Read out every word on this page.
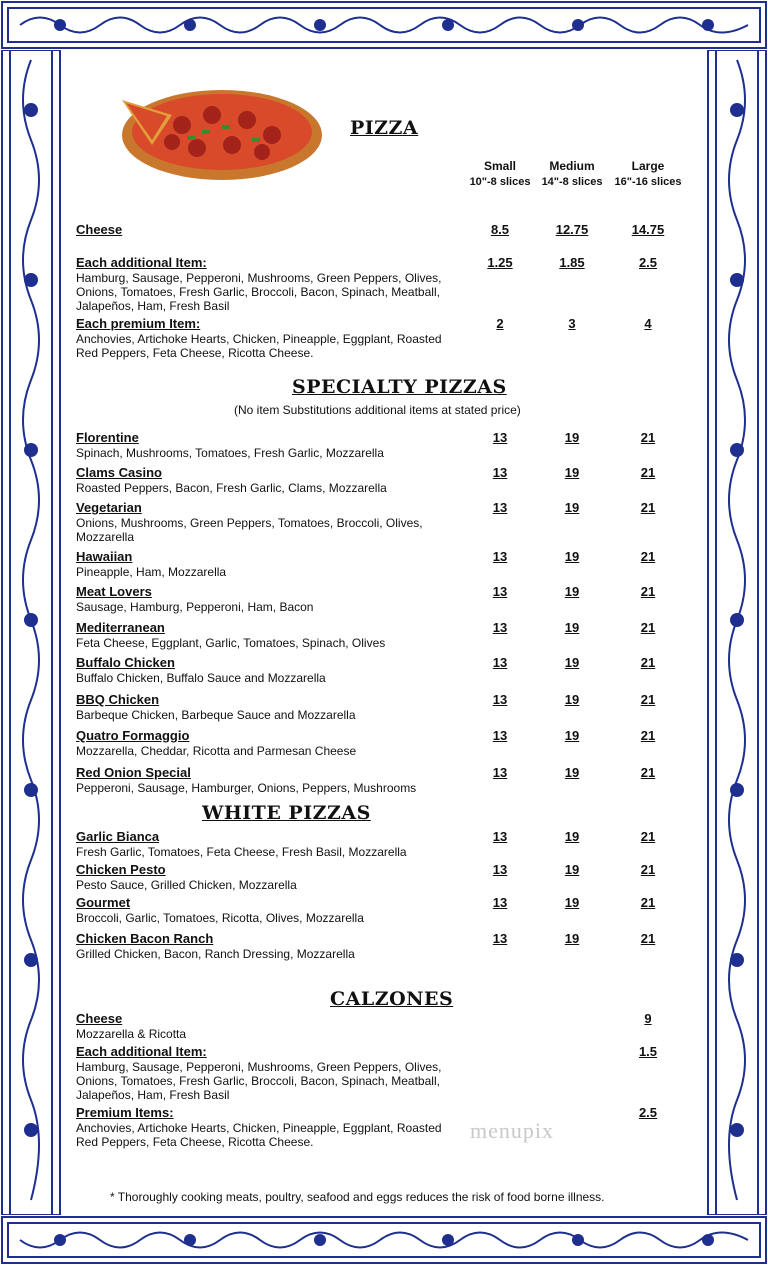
PIZZA
Small	Medium	Large
10"-8 slices	14"-8 slices	16"-16 slices
Cheese	8.5	12.75	14.75
Each additional Item:
Hamburg, Sausage, Pepperoni, Mushrooms, Green Peppers, Olives, Onions, Tomatoes, Fresh Garlic, Broccoli, Bacon, Spinach, Meatball, Jalapeños, Ham, Fresh Basil
1.25	1.85	2.5
Each premium Item:
Anchovies, Artichoke Hearts, Chicken, Pineapple, Eggplant, Roasted Red Peppers, Feta Cheese, Ricotta Cheese.
2	3	4
SPECIALTY PIZZAS
(No item Substitutions additional items at stated price)
Florentine
Spinach, Mushrooms, Tomatoes, Fresh Garlic, Mozzarella
13	19	21
Clams Casino
Roasted Peppers, Bacon, Fresh Garlic, Clams, Mozzarella
13	19	21
Vegetarian
Onions, Mushrooms, Green Peppers, Tomatoes, Broccoli, Olives, Mozzarella
13	19	21
Hawaiian
Pineapple, Ham, Mozzarella
13	19	21
Meat Lovers
Sausage, Hamburg, Pepperoni, Ham, Bacon
13	19	21
Mediterranean
Feta Cheese, Eggplant, Garlic, Tomatoes, Spinach, Olives
13	19	21
Buffalo Chicken
Buffalo Chicken, Buffalo Sauce and Mozzarella
13	19	21
BBQ Chicken
Barbeque Chicken, Barbeque Sauce and Mozzarella
13	19	21
Quatro Formaggio
Mozzarella, Cheddar, Ricotta and Parmesan Cheese
13	19	21
Red Onion Special
Pepperoni, Sausage, Hamburger, Onions, Peppers, Mushrooms
13	19	21
WHITE PIZZAS
Garlic Bianca
Fresh Garlic, Tomatoes, Feta Cheese, Fresh Basil, Mozzarella
13	19	21
Chicken Pesto
Pesto Sauce, Grilled Chicken, Mozzarella
13	19	21
Gourmet
Broccoli, Garlic, Tomatoes, Ricotta, Olives, Mozzarella
13	19	21
Chicken Bacon Ranch
Grilled Chicken, Bacon, Ranch Dressing, Mozzarella
13	19	21
CALZONES
Cheese
Mozzarella & Ricotta
9
Each additional Item:
Hamburg, Sausage, Pepperoni, Mushrooms, Green Peppers, Olives, Onions, Tomatoes, Fresh Garlic, Broccoli, Bacon, Spinach, Meatball, Jalapeños, Ham, Fresh Basil
1.5
Premium Items:
Anchovies, Artichoke Hearts, Chicken, Pineapple, Eggplant, Roasted Red Peppers, Feta Cheese, Ricotta Cheese.
2.5
menupix
* Thoroughly cooking meats, poultry, seafood and eggs reduces the risk of food borne illness.
